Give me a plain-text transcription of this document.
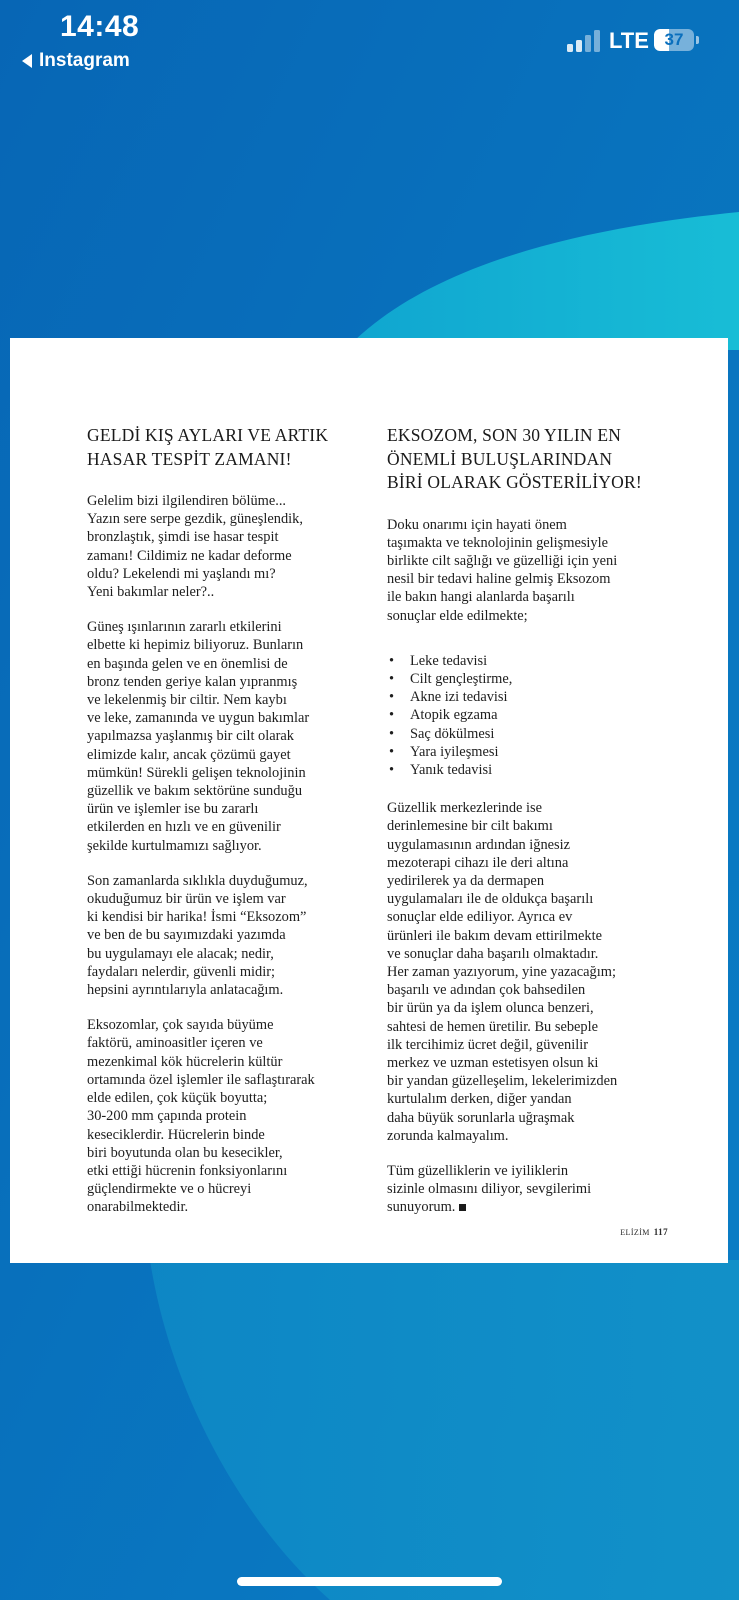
14:48
Instagram
LTE 37
GELDİ KIŞ AYLARI VE ARTIK
HASAR TESPİT ZAMANI!

Gelelim bizi ilgilendiren bölüme...
Yazın sere serpe gezdik, güneşlendik,
bronzlaştık, şimdi ise hasar tespit
zamanı! Cildimiz ne kadar deforme
oldu? Lekelendi mi yaşlandı mı?
Yeni bakımlar neler?..

Güneş ışınlarının zararlı etkilerini
elbette ki hepimiz biliyoruz. Bunların
en başında gelen ve en önemlisi de
bronz tenden geriye kalan yıpranmış
ve lekelenmiş bir ciltir. Nem kaybı
ve leke, zamanında ve uygun bakımlar
yapılmazsa yaşlanmış bir cilt olarak
elimizde kalır, ancak çözümü gayet
mümkün! Sürekli gelişen teknolojinin
güzellik ve bakım sektörüne sunduğu
ürün ve işlemler ise bu zararlı
etkilerden en hızlı ve en güvenilir
şekilde kurtulmamızı sağlıyor.

Son zamanlarda sıklıkla duyduğumuz,
okuduğumuz bir ürün ve işlem var
ki kendisi bir harika! İsmi “Eksozom”
ve ben de bu sayımızdaki yazımda
bu uygulamayı ele alacak; nedir,
faydaları nelerdir, güvenli midir;
hepsini ayrıntılarıyla anlatacağım.

Eksozomlar, çok sayıda büyüme
faktörü, aminoasitler içeren ve
mezenkimal kök hücrelerin kültür
ortamında özel işlemler ile saflaştırarak
elde edilen, çok küçük boyutta;
30-200 mm çapında protein
keseciklerdir. Hücrelerin binde
biri boyutunda olan bu kesecikler,
etki ettiği hücrenin fonksiyonlarını
güçlendirmekte ve o hücreyi
onarabilmektedir.

EKSOZOM, SON 30 YILIN EN
ÖNEMLİ BULUŞLARINDAN
BİRİ OLARAK GÖSTERİLİYOR!

Doku onarımı için hayati önem
taşımakta ve teknolojinin gelişmesiyle
birlikte cilt sağlığı ve güzelliği için yeni
nesil bir tedavi haline gelmiş Eksozom
ile bakın hangi alanlarda başarılı
sonuçlar elde edilmekte;

• Leke tedavisi
• Cilt gençleştirme,
• Akne izi tedavisi
• Atopik egzama
• Saç dökülmesi
• Yara iyileşmesi
• Yanık tedavisi

Güzellik merkezlerinde ise
derinlemesine bir cilt bakımı
uygulamasının ardından iğnesiz
mezoterapi cihazı ile deri altına
yedirilerek ya da dermapen
uygulamaları ile de oldukça başarılı
sonuçlar elde ediliyor. Ayrıca ev
ürünleri ile bakım devam ettirilmekte
ve sonuçlar daha başarılı olmaktadır.
Her zaman yazıyorum, yine yazacağım;
başarılı ve adından çok bahsedilen
bir ürün ya da işlem olunca benzeri,
sahtesi de hemen üretilir. Bu sebeple
ilk tercihimiz ücret değil, güvenilir
merkez ve uzman estetisyen olsun ki
bir yandan güzelleşelim, lekelerimizden
kurtulalım derken, diğer yandan
daha büyük sorunlarla uğraşmak
zorunda kalmayalım.

Tüm güzelliklerin ve iyiliklerin
sizinle olmasını diliyor, sevgilerimi
sunuyorum.

ELİZİM 117
